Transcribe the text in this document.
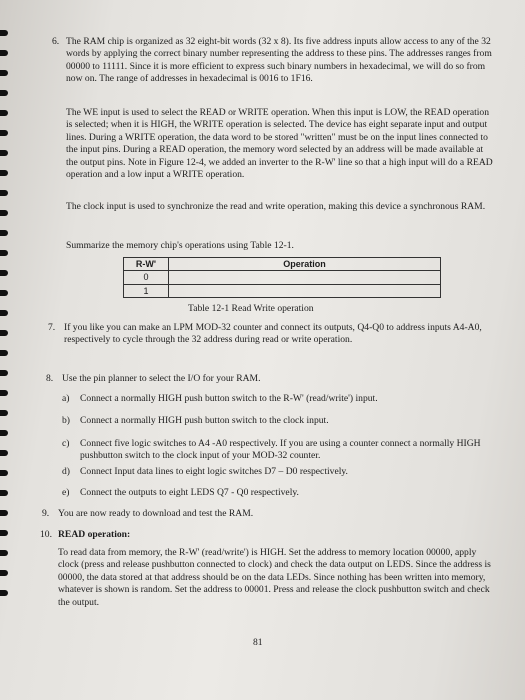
6. The RAM chip is organized as 32 eight-bit words (32 x 8). Its five address inputs allow access to any of the 32 words by applying the correct binary number representing the address to these pins. The addresses ranges from 00000 to 11111. Since it is more efficient to express such binary numbers in hexadecimal, we will do so from now on. The range of addresses in hexadecimal is 0016 to 1F16.

The WE input is used to select the READ or WRITE operation. When this input is LOW, the READ operation is selected; when it is HIGH, the WRITE operation is selected. The device has eight separate input and output lines. During a WRITE operation, the data word to be stored "written" must be on the input lines connected to the input pins. During a READ operation, the memory word selected by an address will be made available at the output pins. Note in Figure 12-4, we added an inverter to the R-W' line so that a high input will do a READ operation and a low input a WRITE operation.

The clock input is used to synchronize the read and write operation, making this device a synchronous RAM.

Summarize the memory chip's operations using Table 12-1.

R-W'	Operation
0	
1	

Table 12-1 Read Write operation

7. If you like you can make an LPM MOD-32 counter and connect its outputs, Q4-Q0 to address inputs A4-A0, respectively to cycle through the 32 address during read or write operation.

8. Use the pin planner to select the I/O for your RAM.

a) Connect a normally HIGH push button switch to the R-W' (read/write') input.

b) Connect a normally HIGH push button switch to the clock input.

c) Connect five logic switches to A4 -A0 respectively. If you are using a counter connect a normally HIGH pushbutton switch to the clock input of your MOD-32 counter.

d) Connect Input data lines to eight logic switches D7 – D0 respectively.

e) Connect the outputs to eight LEDS Q7 - Q0 respectively.

9. You are now ready to download and test the RAM.

10. READ operation:

To read data from memory, the R-W' (read/write') is HIGH. Set the address to memory location 00000, apply clock (press and release pushbutton connected to clock) and check the data output on LEDS. Since the address is 00000, the data stored at that address should be on the data LEDs. Since nothing has been written into memory, whatever is shown is random. Set the address to 00001. Press and release the clock pushbutton switch and check the output.

81
